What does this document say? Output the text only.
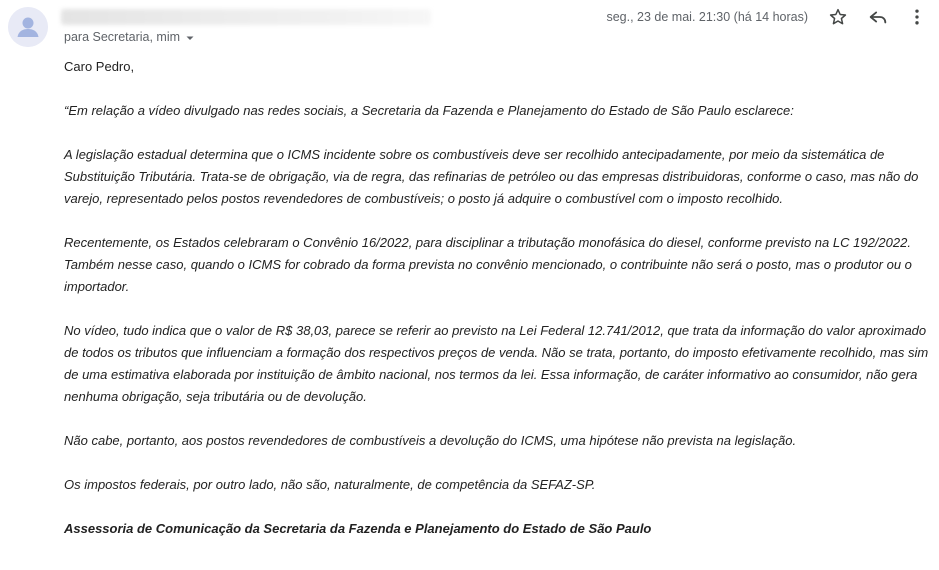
para Secretaria, mim
seg., 23 de mai. 21:30 (há 14 horas)

Caro Pedro,

“Em relação a vídeo divulgado nas redes sociais, a Secretaria da Fazenda e Planejamento do Estado de São Paulo esclarece:

A legislação estadual determina que o ICMS incidente sobre os combustíveis deve ser recolhido antecipadamente, por meio da sistemática de Substituição Tributária. Trata-se de obrigação, via de regra, das refinarias de petróleo ou das empresas distribuidoras, conforme o caso, mas não do varejo, representado pelos postos revendedores de combustíveis; o posto já adquire o combustível com o imposto recolhido.

Recentemente, os Estados celebraram o Convênio 16/2022, para disciplinar a tributação monofásica do diesel, conforme previsto na LC 192/2022. Também nesse caso, quando o ICMS for cobrado da forma prevista no convênio mencionado, o contribuinte não será o posto, mas o produtor ou o importador.

No vídeo, tudo indica que o valor de R$ 38,03, parece se referir ao previsto na Lei Federal 12.741/2012, que trata da informação do valor aproximado de todos os tributos que influenciam a formação dos respectivos preços de venda. Não se trata, portanto, do imposto efetivamente recolhido, mas sim de uma estimativa elaborada por instituição de âmbito nacional, nos termos da lei. Essa informação, de caráter informativo ao consumidor, não gera nenhuma obrigação, seja tributária ou de devolução.

Não cabe, portanto, aos postos revendedores de combustíveis a devolução do ICMS, uma hipótese não prevista na legislação.

Os impostos federais, por outro lado, não são, naturalmente, de competência da SEFAZ-SP.

Assessoria de Comunicação da Secretaria da Fazenda e Planejamento do Estado de São Paulo
